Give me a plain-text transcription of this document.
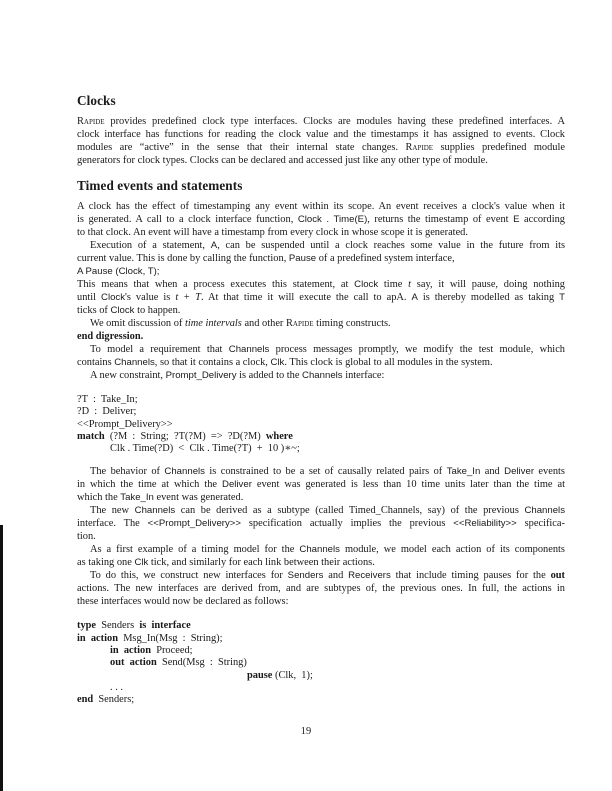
Clocks
Rapide provides predefined clock type interfaces. Clocks are modules having these predefined interfaces. A
clock interface has functions for reading the clock value and the timestamps it has assigned to events. Clock
modules are “active” in the sense that their internal state changes. Rapide supplies predefined module
generators for clock types. Clocks can be declared and accessed just like any other type of module.
Timed events and statements
A clock has the effect of timestamping any event within its scope. An event receives a clock's value when it
is generated. A call to a clock interface function, Clock . Time(E), returns the timestamp of event E according
to that clock. An event will have a timestamp from every clock in whose scope it is generated.
Execution of a statement, A, can be suspended until a clock reaches some value in the future from its
current value. This is done by calling the function, Pause of a predefined system interface,
A Pause (Clock, T);
This means that when a process executes this statement, at Clock time t say, it will pause, doing nothing
until Clock's value is t + T. At that time it will execute the call to apA. A is thereby modelled as taking T
ticks of Clock to happen.
We omit discussion of time intervals and other Rapide timing constructs.
end digression.
To model a requirement that Channels process messages promptly, we modify the test module, which
contains Channels, so that it contains a clock, Clk. This clock is global to all modules in the system.
A new constraint, Prompt_Delivery is added to the Channels interface:
?T  :  Take_In;
?D  :  Deliver;
<<Prompt_Delivery>>
match  (?M  :  String;  ?T(?M)  =>  ?D(?M)  where
Clk . Time(?D)  <  Clk . Time(?T)  +  10 )∗~;
The behavior of Channels is constrained to be a set of causally related pairs of Take_In and Deliver events
in which the time at which the Deliver event was generated is less than 10 time units later than the time at
which the Take_In event was generated.
The new Channels can be derived as a subtype (called Timed_Channels, say) of the previous Channels
interface. The <<Prompt_Delivery>> specification actually implies the previous <<Reliability>> specifica-
tion.
As a first example of a timing model for the Channels module, we model each action of its components
as taking one Clk tick, and similarly for each link between their actions.
To do this, we construct new interfaces for Senders and Receivers that include timing pauses for the out
actions. The new interfaces are derived from, and are subtypes of, the previous ones. In full, the actions in
these interfaces would now be declared as follows:
type  Senders  is interface
in  action  Msg_In(Msg  :  String);
in  action  Proceed;
out  action  Send(Msg  :  String)
pause (Clk,  1);
. . .
end  Senders;
19
